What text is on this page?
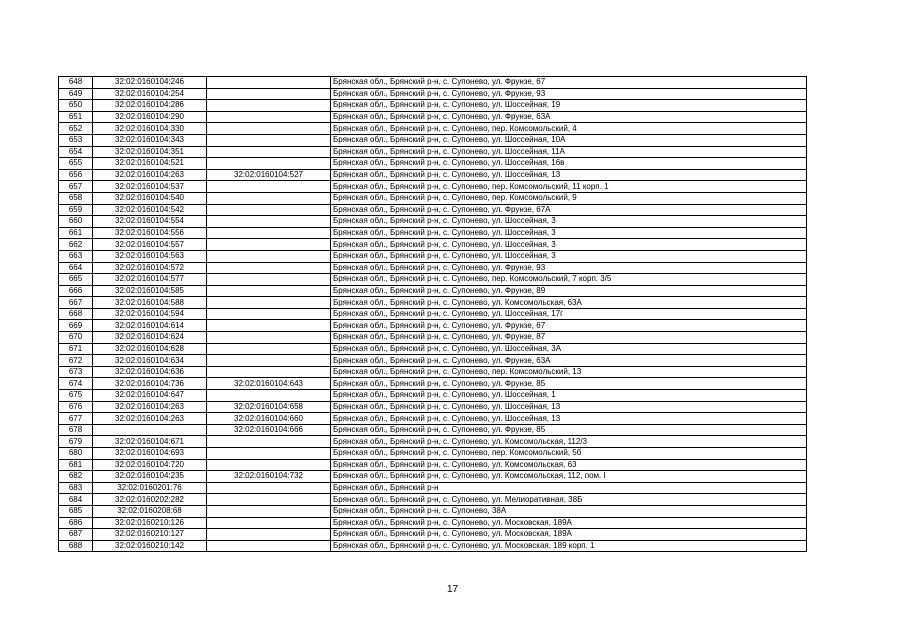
648	32:02:0160104:246		Брянская обл., Брянский р-н, с. Супонево, ул. Фрунзе, 67
649	32:02:0160104:254		Брянская обл., Брянский р-н, с. Супонево, ул. Фрунзе, 93
650	32:02:0160104:286		Брянская обл., Брянский р-н, с. Супонево, ул. Шоссейная, 19
651	32:02:0160104:290		Брянская обл., Брянский р-н, с. Супонево, ул. Фрунзе, 63А
652	32:02:0160104:330		Брянская обл., Брянский р-н, с. Супонево, пер. Комсомольский, 4
653	32:02:0160104:343		Брянская обл., Брянский р-н, с. Супонево, ул. Шоссейная, 10А
654	32:02:0160104:351		Брянская обл., Брянский р-н, с. Супонево, ул. Шоссейная, 11А
655	32:02:0160104:521		Брянская обл., Брянский р-н, с. Супонево, ул. Шоссейная, 16в
656	32:02:0160104:263	32:02:0160104:527	Брянская обл., Брянский р-н, с. Супонево, ул. Шоссейная, 13
657	32:02:0160104:537		Брянская обл., Брянский р-н, с. Супонево, пер. Комсомольский, 11 корп. 1
658	32:02:0160104:540		Брянская обл., Брянский р-н, с. Супонево, пер. Комсомольский, 9
659	32:02:0160104:542		Брянская обл., Брянский р-н, с. Супонево, ул. Фрунзе, 67А
660	32:02:0160104:554		Брянская обл., Брянский р-н, с. Супонево, ул. Шоссейная, 3
661	32:02:0160104:556		Брянская обл., Брянский р-н, с. Супонево, ул. Шоссейная, 3
662	32:02:0160104:557		Брянская обл., Брянский р-н, с. Супонево, ул. Шоссейная, 3
663	32:02:0160104:563		Брянская обл., Брянский р-н, с. Супонево, ул. Шоссейная, 3
664	32:02:0160104:572		Брянская обл., Брянский р-н, с. Супонево, ул. Фрунзе, 93
665	32:02:0160104:577		Брянская обл., Брянский р-н, с. Супонево, пер. Комсомольский, 7 корп. 3/5
666	32:02:0160104:585		Брянская обл., Брянский р-н, с. Супонево, ул. Фрунзе, 89
667	32:02:0160104:588		Брянская обл., Брянский р-н, с. Супонево, ул. Комсомольская, 63А
668	32:02:0160104:594		Брянская обл., Брянский р-н, с. Супонево, ул. Шоссейная, 17г
669	32:02:0160104:614		Брянская обл., Брянский р-н, с. Супонево, ул. Фрунзе, 67
670	32:02:0160104:624		Брянская обл., Брянский р-н, с. Супонево, ул. Фрунзе, 87
671	32:02:0160104:628		Брянская обл., Брянский р-н, с. Супонево, ул. Шоссейная, 3А
672	32:02:0160104:634		Брянская обл., Брянский р-н, с. Супонево, ул. Фрунзе, 63А
673	32:02:0160104:636		Брянская обл., Брянский р-н, с. Супонево, пер. Комсомольский, 13
674	32:02:0160104:736	32:02:0160104:643	Брянская обл., Брянский р-н, с. Супонево, ул. Фрунзе, 85
675	32:02:0160104:647		Брянская обл., Брянский р-н, с. Супонево, ул. Шоссейная, 1
676	32:02:0160104:263	32:02:0160104:658	Брянская обл., Брянский р-н, с. Супонево, ул. Шоссейная, 13
677	32:02:0160104:263	32:02:0160104:660	Брянская обл., Брянский р-н, с. Супонево, ул. Шоссейная, 13
678		32:02:0160104:666	Брянская обл., Брянский р-н, с. Супонево, ул. Фрунзе, 85
679	32:02:0160104:671		Брянская обл., Брянский р-н, с. Супонево, ул. Комсомольская, 112/3
680	32:02:0160104:693		Брянская обл., Брянский р-н, с. Супонево, пер. Комсомольский, 5б
681	32:02:0160104:720		Брянская обл., Брянский р-н, с. Супонево, ул. Комсомольская, 63
682	32:02:0160104:235	32:02:0160104:732	Брянская обл., Брянский р-н, с. Супонево, ул. Комсомольская, 112, пом. I
683	32:02:0160201:76		Брянская обл., Брянский р-н
684	32:02:0160202:282		Брянская обл., Брянский р-н, с. Супонево, ул. Мелиоративная, 38Б
685	32:02:0160208:68		Брянская обл., Брянский р-н, с. Супонево, 38А
686	32:02:0160210:126		Брянская обл., Брянский р-н, с. Супонево, ул. Московская, 189А
687	32:02:0160210:127		Брянская обл., Брянский р-н, с. Супонево, ул. Московская, 189А
688	32:02:0160210:142		Брянская обл., Брянский р-н, с. Супонево, ул. Московская, 189 корп. 1
17
